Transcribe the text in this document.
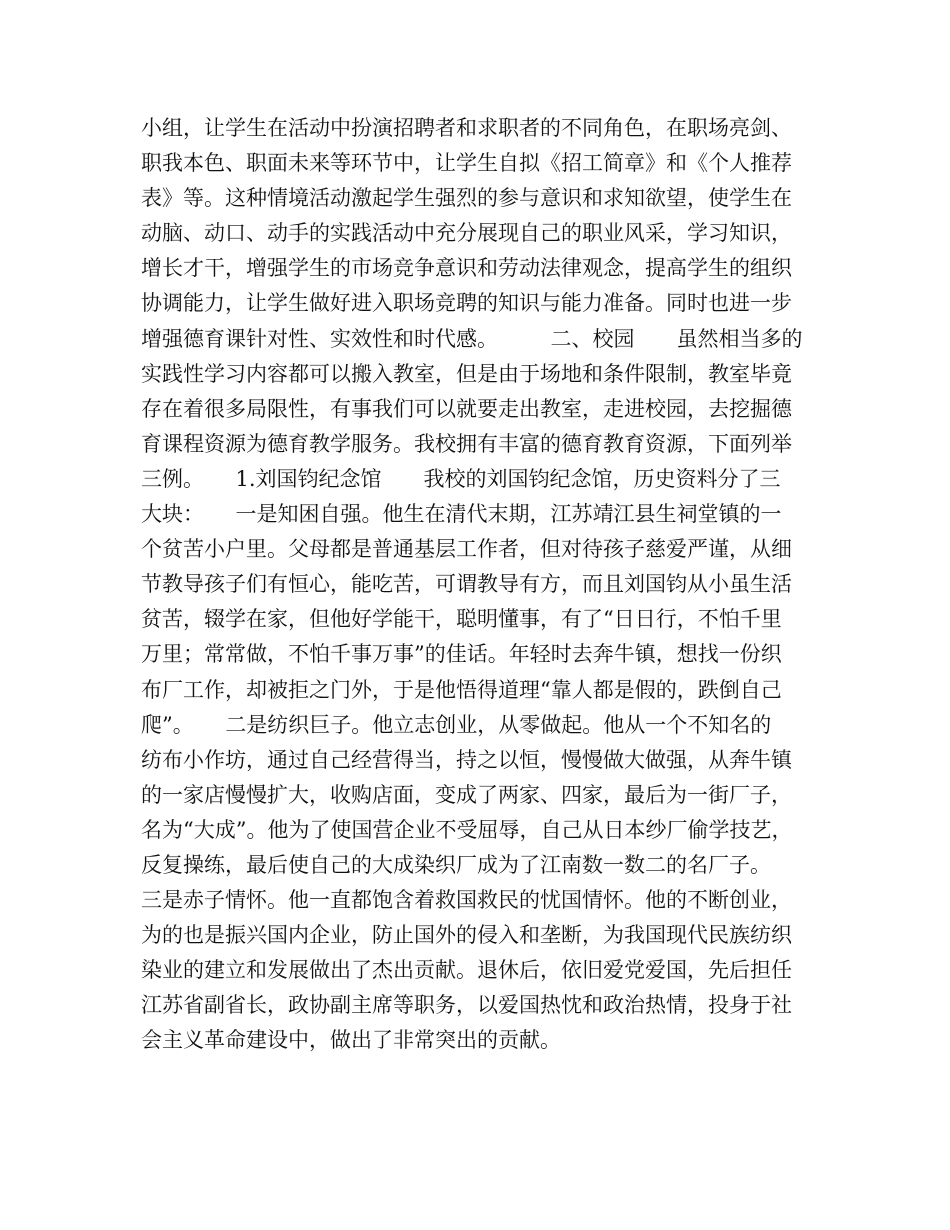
小组，让学生在活动中扮演招聘者和求职者的不同角色，在职场亮剑、
职我本色、职面未来等环节中，让学生自拟《招工简章》和《个人推荐
表》等。这种情境活动激起学生强烈的参与意识和求知欲望，使学生在
动脑、动口、动手的实践活动中充分展现自己的职业风采，学习知识，
增长才干，增强学生的市场竞争意识和劳动法律观念，提高学生的组织
协调能力，让学生做好进入职场竞聘的知识与能力准备。同时也进一步
增强德育课针对性、实效性和时代感。　　　二、校园　　虽然相当多的
实践性学习内容都可以搬入教室，但是由于场地和条件限制，教室毕竟
存在着很多局限性，有事我们可以就要走出教室，走进校园，去挖掘德
育课程资源为德育教学服务。我校拥有丰富的德育教育资源，下面列举
三例。　　1.刘国钧纪念馆　　我校的刘国钧纪念馆，历史资料分了三
大块：　　一是知困自强。他生在清代末期，江苏靖江县生祠堂镇的一
个贫苦小户里。父母都是普通基层工作者，但对待孩子慈爱严谨，从细
节教导孩子们有恒心，能吃苦，可谓教导有方，而且刘国钧从小虽生活
贫苦，辍学在家，但他好学能干，聪明懂事，有了“日日行，不怕千里
万里；常常做，不怕千事万事”的佳话。年轻时去奔牛镇，想找一份织
布厂工作，却被拒之门外，于是他悟得道理“靠人都是假的，跌倒自己
爬”。　　二是纺织巨子。他立志创业，从零做起。他从一个不知名的
纺布小作坊，通过自己经营得当，持之以恒，慢慢做大做强，从奔牛镇
的一家店慢慢扩大，收购店面，变成了两家、四家，最后为一街厂子，
名为“大成”。他为了使国营企业不受屈辱，自己从日本纱厂偷学技艺，
反复操练，最后使自己的大成染织厂成为了江南数一数二的名厂子。　
三是赤子情怀。他一直都饱含着救国救民的忧国情怀。他的不断创业，
为的也是振兴国内企业，防止国外的侵入和垄断，为我国现代民族纺织
染业的建立和发展做出了杰出贡献。退休后，依旧爱党爱国，先后担任
江苏省副省长，政协副主席等职务，以爱国热忱和政治热情，投身于社
会主义革命建设中，做出了非常突出的贡献。
